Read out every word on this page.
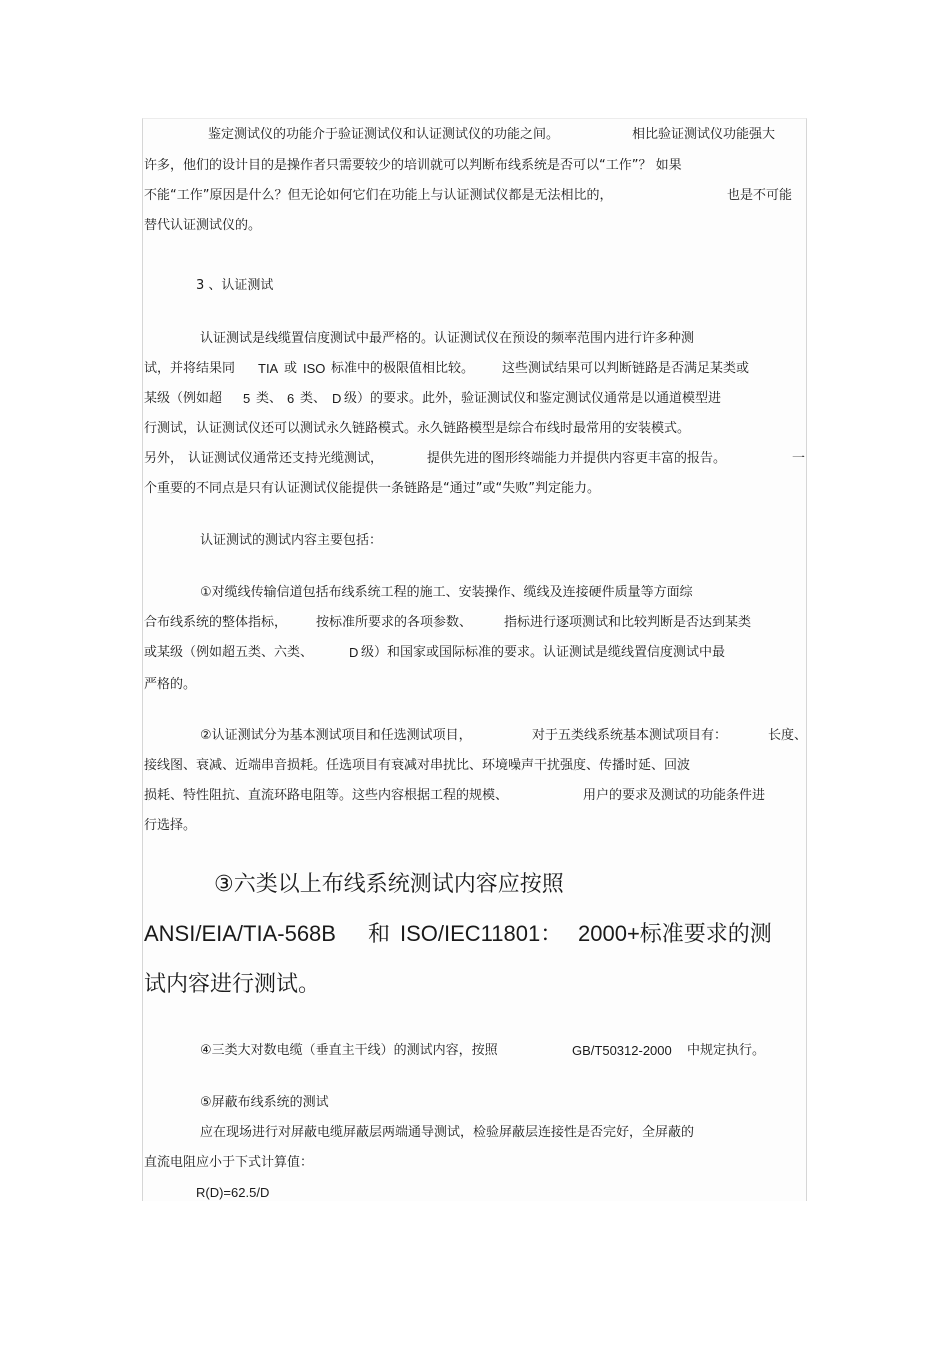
鉴定测试仪的功能介于验证测试仪和认证测试仪的功能之间。	相比验证测试仪功能强大
许多，他们的设计目的是操作者只需要较少的培训就可以判断布线系统是否可以“工作”？ 如果
不能“工作”原因是什么？但无论如何它们在功能上与认证测试仪都是无法相比的，	也是不可能
替代认证测试仪的。
3 、认证测试
认证测试是线缆置信度测试中最严格的。认证测试仪在预设的频率范围内进行许多种测
试，并将结果同 TIA 或 ISO 标准中的极限值相比较。 这些测试结果可以判断链路是否满足某类或
某级（例如超 5 类、 6 类、 D 级）的要求。此外，验证测试仪和鉴定测试仪通常是以通道模型进
行测试，认证测试仪还可以测试永久链路模式。永久链路模型是综合布线时最常用的安装模式。
另外， 认证测试仪通常还支持光缆测试，	提供先进的图形终端能力并提供内容更丰富的报告。	一
个重要的不同点是只有认证测试仪能提供一条链路是“通过”或“失败”判定能力。
认证测试的测试内容主要包括：
①对缆线传输信道包括布线系统工程的施工、安装操作、缆线及连接硬件质量等方面综
合布线系统的整体指标， 按标准所要求的各项参数、 指标进行逐项测试和比较判断是否达到某类
或某级（例如超五类、六类、	D 级）和国家或国际标准的要求。认证测试是缆线置信度测试中最
严格的。
②认证测试分为基本测试项目和任选测试项目，	对于五类线系统基本测试项目有：	长度、
接线图、衰减、近端串音损耗。任选项目有衰减对串扰比、环境噪声干扰强度、传播时延、回波
损耗、特性阻抗、直流环路电阻等。这些内容根据工程的规模、	用户的要求及测试的功能条件进
行选择。
③六类以上布线系统测试内容应按照
ANSI/EIA/TIA-568B 和 ISO/IEC11801： 2000+标准要求的测
试内容进行测试。
④三类大对数电缆（垂直主干线）的测试内容，按照	GB/T50312-2000 中规定执行。
⑤屏蔽布线系统的测试
应在现场进行对屏蔽电缆屏蔽层两端通导测试，检验屏蔽层连接性是否完好，全屏蔽的
直流电阻应小于下式计算值：
R(D)=62.5/D
